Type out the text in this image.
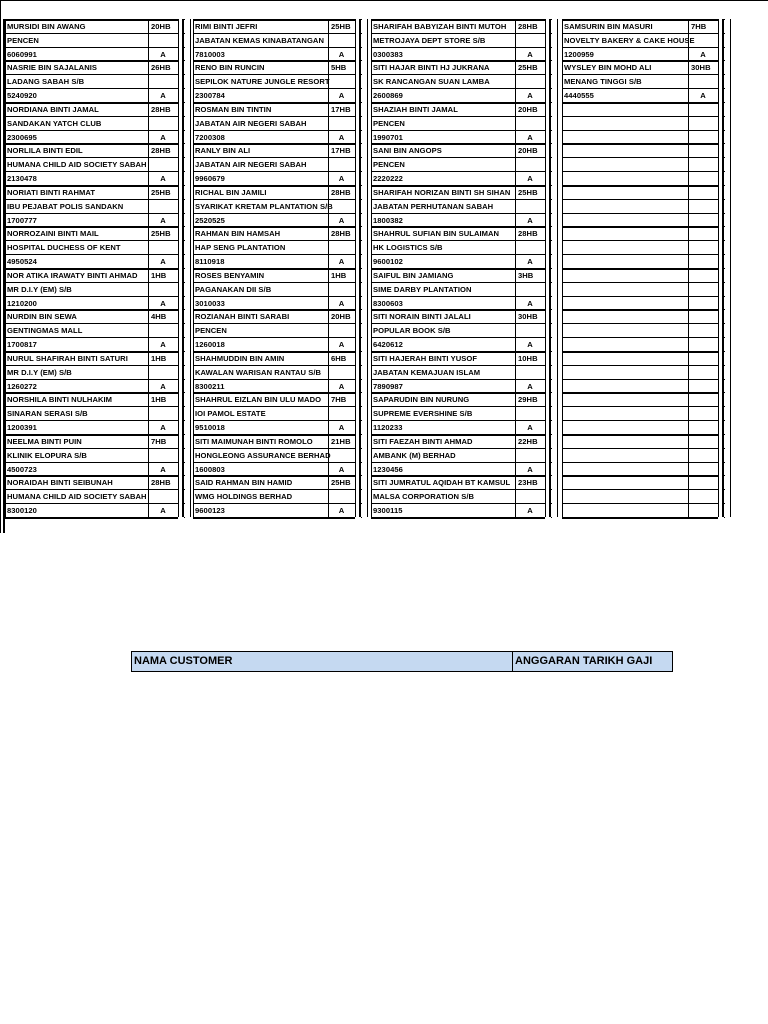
MURSIDI BIN AWANG	20HB
PENCEN
6060991	A
NASRIE BIN SAJALANIS	26HB
LADANG SABAH S/B
5240920	A
NORDIANA BINTI JAMAL	28HB
SANDAKAN YATCH CLUB
2300695	A
NORLILA BINTI EDIL	28HB
HUMANA CHILD AID SOCIETY SABAH
2130478	A
NORIATI BINTI RAHMAT	25HB
IBU PEJABAT POLIS SANDAKN
1700777	A
NORROZAINI BINTI MAIL	25HB
HOSPITAL DUCHESS OF KENT
4950524	A
NOR ATIKA IRAWATY BINTI AHMAD	1HB
MR D.I.Y (EM) S/B
1210200	A
NURDIN BIN SEWA	4HB
GENTINGMAS MALL
1700817	A
NURUL SHAFIRAH BINTI SATURI	1HB
MR D.I.Y (EM) S/B
1260272	A
NORSHILA BINTI NULHAKIM	1HB
SINARAN SERASI S/B
1200391	A
NEELMA BINTI PUIN	7HB
KLINIK ELOPURA S/B
4500723	A
NORAIDAH BINTI SEIBUNAH	28HB
HUMANA CHILD AID SOCIETY SABAH
8300120	A
RIMI BINTI JEFRI	25HB
JABATAN KEMAS KINABATANGAN
7810003	A
RENO BIN RUNCIN	5HB
SEPILOK NATURE JUNGLE RESORT
2300784	A
ROSMAN BIN TINTIN	17HB
JABATAN AIR NEGERI SABAH
7200308	A
RANLY BIN ALI	17HB
JABATAN AIR NEGERI SABAH
9960679	A
RICHAL BIN JAMILI	28HB
SYARIKAT KRETAM PLANTATION S/B
2520525	A
RAHMAN BIN HAMSAH	28HB
HAP SENG PLANTATION
8110918	A
ROSES BENYAMIN	1HB
PAGANAKAN DII S/B
3010033	A
ROZIANAH BINTI SARABI	20HB
PENCEN
1260018	A
SHAHMUDDIN BIN AMIN	6HB
KAWALAN WARISAN RANTAU S/B
8300211	A
SHAHRUL EIZLAN BIN ULU MADO	7HB
IOI PAMOL ESTATE
9510018	A
SITI MAIMUNAH BINTI ROMOLO	21HB
HONGLEONG ASSURANCE BERHAD
1600803	A
SAID RAHMAN BIN HAMID	25HB
WMG HOLDINGS BERHAD
9600123	A
SHARIFAH BABYIZAH BINTI MUTOH	28HB
METROJAYA DEPT STORE S/B
0300383	A
SITI HAJAR BINTI HJ JUKRANA	25HB
SK RANCANGAN SUAN LAMBA
2600869	A
SHAZIAH BINTI JAMAL	20HB
PENCEN
1990701	A
SANI BIN ANGOPS	20HB
PENCEN
2220222	A
SHARIFAH NORIZAN BINTI SH SIHAN 25HB
JABATAN PERHUTANAN SABAH
1800382	A
SHAHRUL SUFIAN BIN SULAIMAN	28HB
HK LOGISTICS S/B
9600102	A
SAIFUL BIN JAMIANG	3HB
SIME DARBY PLANTATION
8300603	A
SITI NORAIN BINTI JALALI	30HB
POPULAR BOOK S/B
6420612	A
SITI HAJERAH BINTI YUSOF	10HB
JABATAN KEMAJUAN ISLAM
7890987	A
SAPARUDIN BIN NURUNG	29HB
SUPREME EVERSHINE S/B
1120233	A
SITI FAEZAH BINTI AHMAD	22HB
AMBANK (M) BERHAD
1230456	A
SITI JUMRATUL AQIDAH BT KAMSUL	23HB
MALSA CORPORATION S/B
9300115	A
SAMSURIN BIN MASURI	7HB
NOVELTY BAKERY & CAKE HOUSE
1200959	A
WYSLEY BIN MOHD ALI	30HB
MENANG TINGGI S/B
4440555	A
NAMA CUSTOMER	ANGGARAN TARIKH GAJI
